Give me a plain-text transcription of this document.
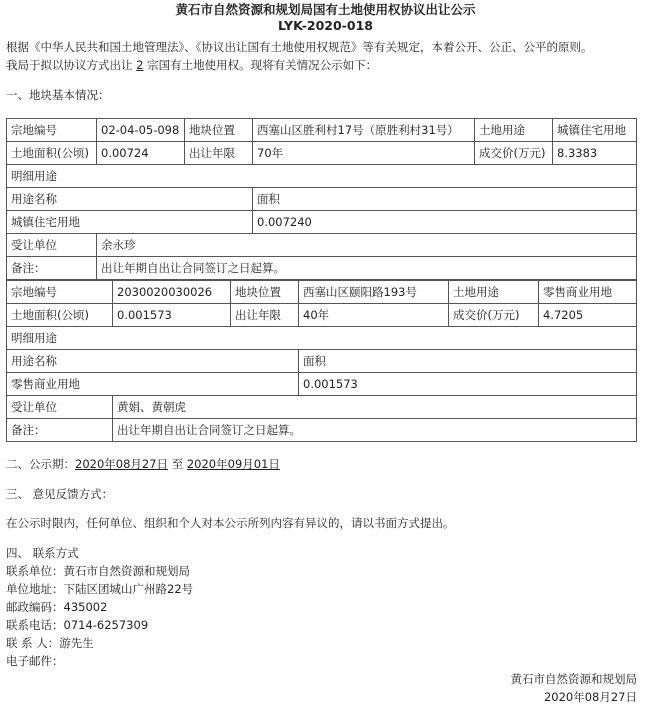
黄石市自然资源和规划局国有土地使用权协议出让公示
LYK-2020-018
根据《中华人民共和国土地管理法》、《协议出让国有土地使用权规范》等有关规定，本着公开、公正、公平的原则。
我局于拟以协议方式出让 2 宗国有土地使用权。现将有关情况公示如下：
一、地块基本情况：
宗地编号	02-04-05-098	地块位置	西塞山区胜利村17号（原胜利村31号）	土地用途	城镇住宅用地
土地面积(公顷)	0.00724	出让年限	70年	成交价(万元)	8.3383
明细用途					
用途名称			面积		
城镇住宅用地			0.007240		
受让单位	余永珍				
备注：	出让年期自出让合同签订之日起算。				
宗地编号	2030020030026	地块位置	西塞山区颐阳路193号	土地用途	零售商业用地
土地面积(公顷)	0.001573	出让年限	40年	成交价(万元)	4.7205
明细用途					
用途名称			面积		
零售商业用地			0.001573		
受让单位	黄娟、黄朝虎				
备注：	出让年期自出让合同签订之日起算。				
二、公示期：2020年08月27日 至 2020年09月01日
三、 意见反馈方式：
在公示时限内，任何单位、组织和个人对本公示所列内容有异议的，请以书面方式提出。
四、 联系方式
联系单位：黄石市自然资源和规划局
单位地址：下陆区团城山广州路22号
邮政编码：435002
联系电话：0714-6257309
联 系 人：游先生
电子邮件：
黄石市自然资源和规划局
2020年08月27日
